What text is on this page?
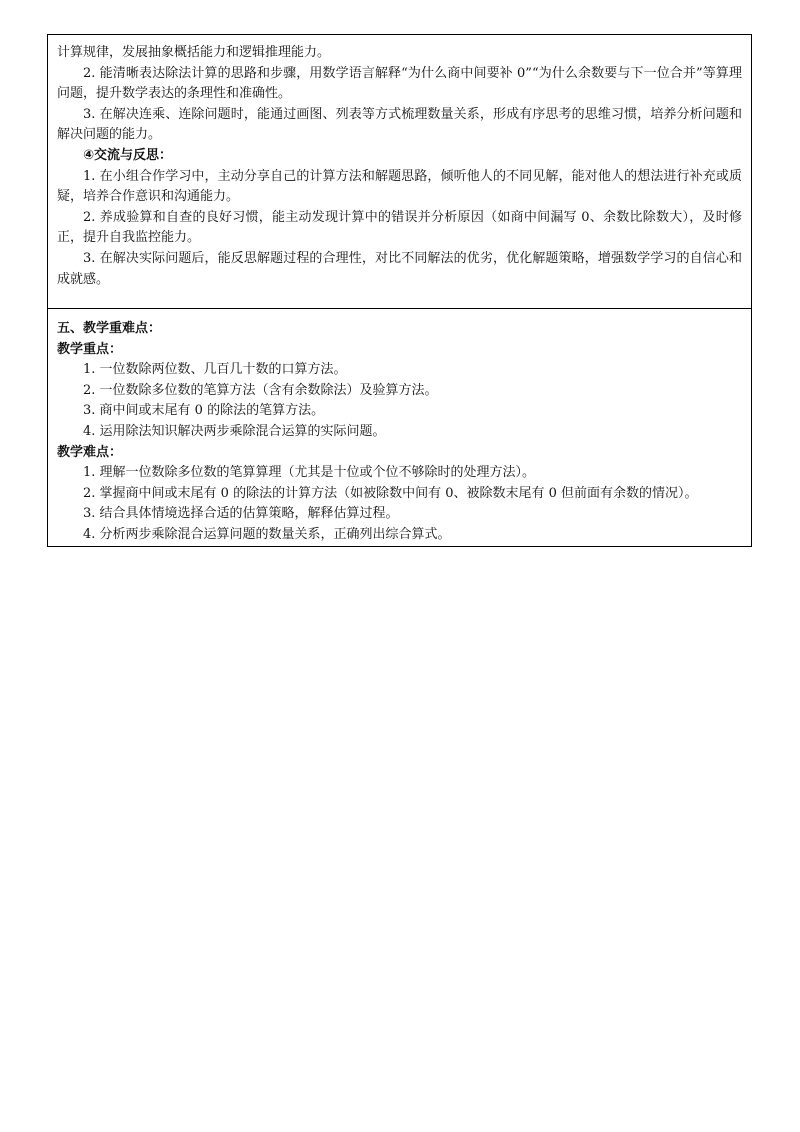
计算规律，发展抽象概括能力和逻辑推理能力。

2. 能清晰表达除法计算的思路和步骤，用数学语言解释“为什么商中间要补 0”“为什么余数要与下一位合并”等算理问题，提升数学表达的条理性和准确性。

3. 在解决连乘、连除问题时，能通过画图、列表等方式梳理数量关系，形成有序思考的思维习惯，培养分析问题和解决问题的能力。

④交流与反思：

1. 在小组合作学习中，主动分享自己的计算方法和解题思路，倾听他人的不同见解，能对他人的想法进行补充或质疑，培养合作意识和沟通能力。

2. 养成验算和自查的良好习惯，能主动发现计算中的错误并分析原因（如商中间漏写 0、余数比除数大），及时修正，提升自我监控能力。

3. 在解决实际问题后，能反思解题过程的合理性，对比不同解法的优劣，优化解题策略，增强数学学习的自信心和成就感。

五、教学重难点：

教学重点：

1. 一位数除两位数、几百几十数的口算方法。

2. 一位数除多位数的笔算方法（含有余数除法）及验算方法。

3. 商中间或末尾有 0 的除法的笔算方法。

4. 运用除法知识解决两步乘除混合运算的实际问题。

教学难点：

1. 理解一位数除多位数的笔算算理（尤其是十位或个位不够除时的处理方法）。

2. 掌握商中间或末尾有 0 的除法的计算方法（如被除数中间有 0、被除数末尾有 0 但前面有余数的情况）。

3. 结合具体情境选择合适的估算策略，解释估算过程。

4. 分析两步乘除混合运算问题的数量关系，正确列出综合算式。
